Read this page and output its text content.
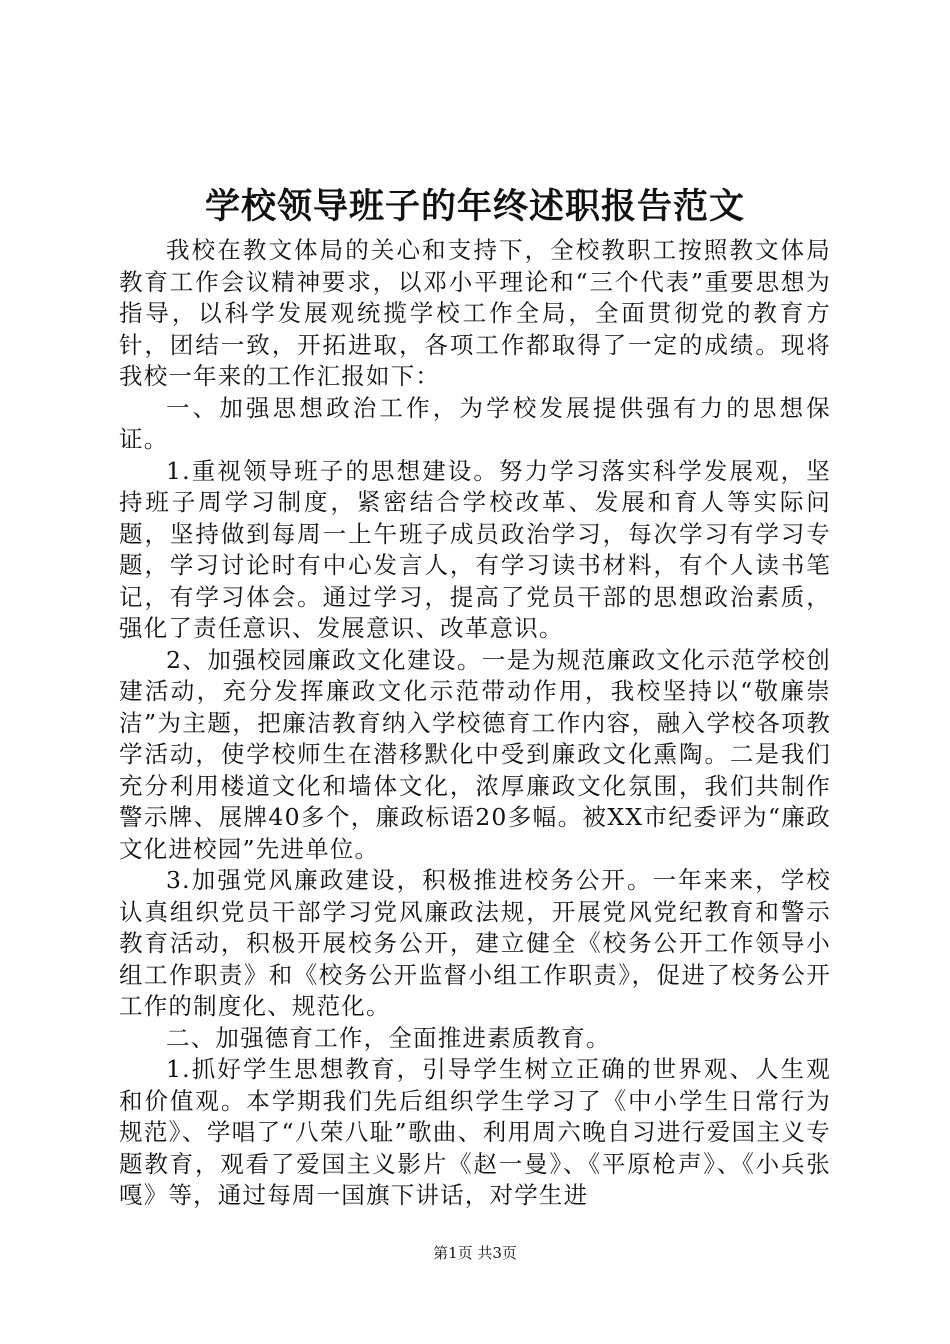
学校领导班子的年终述职报告范文

我校在教文体局的关心和支持下，全校教职工按照教文体局教育工作会议精神要求，以邓小平理论和“三个代表”重要思想为指导，以科学发展观统揽学校工作全局，全面贯彻党的教育方针，团结一致，开拓进取，各项工作都取得了一定的成绩。现将我校一年来的工作汇报如下：

一、加强思想政治工作，为学校发展提供强有力的思想保证。

1.重视领导班子的思想建设。努力学习落实科学发展观，坚持班子周学习制度，紧密结合学校改革、发展和育人等实际问题，坚持做到每周一上午班子成员政治学习，每次学习有学习专题，学习讨论时有中心发言人，有学习读书材料，有个人读书笔记，有学习体会。通过学习，提高了党员干部的思想政治素质，强化了责任意识、发展意识、改革意识。

2、加强校园廉政文化建设。一是为规范廉政文化示范学校创建活动，充分发挥廉政文化示范带动作用，我校坚持以“敬廉崇洁”为主题，把廉洁教育纳入学校德育工作内容，融入学校各项教学活动，使学校师生在潜移默化中受到廉政文化熏陶。二是我们充分利用楼道文化和墙体文化，浓厚廉政文化氛围，我们共制作警示牌、展牌40多个，廉政标语20多幅。被XX市纪委评为“廉政文化进校园”先进单位。

3.加强党风廉政建设，积极推进校务公开。一年来来，学校认真组织党员干部学习党风廉政法规，开展党风党纪教育和警示教育活动，积极开展校务公开，建立健全《校务公开工作领导小组工作职责》和《校务公开监督小组工作职责》，促进了校务公开工作的制度化、规范化。

二、加强德育工作，全面推进素质教育。

1.抓好学生思想教育，引导学生树立正确的世界观、人生观和价值观。本学期我们先后组织学生学习了《中小学生日常行为规范》、学唱了“八荣八耻”歌曲、利用周六晚自习进行爱国主义专题教育，观看了爱国主义影片《赵一曼》、《平原枪声》、《小兵张嘎》等，通过每周一国旗下讲话，对学生进

第1页 共3页
